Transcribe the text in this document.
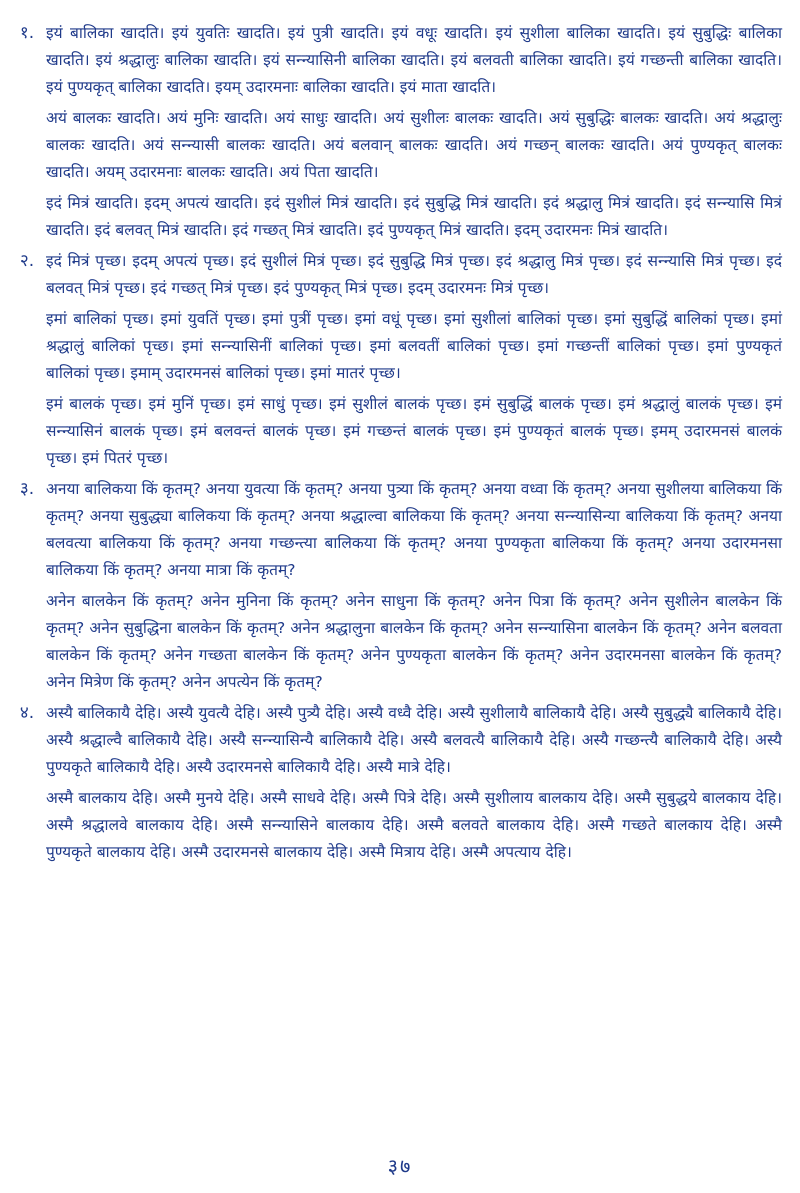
१. इयं बालिका खादति। इयं युवतिः खादति। इयं पुत्री खादति। इयं वधूः खादति। इयं सुशीला बालिका खादति। इयं सुबुद्धिः बालिका खादति। इयं श्रद्धालुः बालिका खादति। इयं सन्न्यासिनी बालिका खादति। इयं बलवती बालिका खादति। इयं गच्छन्ती बालिका खादति। इयं पुण्यकृत् बालिका खादति। इयम् उदारमनाः बालिका खादति। इयं माता खादति।

अयं बालकः खादति। अयं मुनिः खादति। अयं साधुः खादति। अयं सुशीलः बालकः खादति। अयं सुबुद्धिः बालकः खादति। अयं श्रद्धालुः बालकः खादति। अयं सन्न्यासी बालकः खादति। अयं बलवान् बालकः खादति। अयं गच्छन् बालकः खादति। अयं पुण्यकृत् बालकः खादति। अयम् उदारमनाः बालकः खादति। अयं पिता खादति।

इदं मित्रं खादति। इदम् अपत्यं खादति। इदं सुशीलं मित्रं खादति। इदं सुबुद्धि मित्रं खादति। इदं श्रद्धालु मित्रं खादति। इदं सन्न्यासि मित्रं खादति। इदं बलवत् मित्रं खादति। इदं गच्छत् मित्रं खादति। इदं पुण्यकृत् मित्रं खादति। इदम् उदारमनः मित्रं खादति।

२. इदं मित्रं पृच्छ। इदम् अपत्यं पृच्छ। इदं सुशीलं मित्रं पृच्छ। इदं सुबुद्धि मित्रं पृच्छ। इदं श्रद्धालु मित्रं पृच्छ। इदं सन्न्यासि मित्रं पृच्छ। इदं बलवत् मित्रं पृच्छ। इदं गच्छत् मित्रं पृच्छ। इदं पुण्यकृत् मित्रं पृच्छ। इदम् उदारमनः मित्रं पृच्छ।

इमां बालिकां पृच्छ। इमां युवतिं पृच्छ। इमां पुत्रीं पृच्छ। इमां वधूं पृच्छ। इमां सुशीलां बालिकां पृच्छ। इमां सुबुद्धिं बालिकां पृच्छ। इमां श्रद्धालुं बालिकां पृच्छ। इमां सन्न्यासिनीं बालिकां पृच्छ। इमां बलवतीं बालिकां पृच्छ। इमां गच्छन्तीं बालिकां पृच्छ। इमां पुण्यकृतं बालिकां पृच्छ। इमाम् उदारमनसं बालिकां पृच्छ। इमां मातरं पृच्छ।

इमं बालकं पृच्छ। इमं मुनिं पृच्छ। इमं साधुं पृच्छ। इमं सुशीलं बालकं पृच्छ। इमं सुबुद्धिं बालकं पृच्छ। इमं श्रद्धालुं बालकं पृच्छ। इमं सन्न्यासिनं बालकं पृच्छ। इमं बलवन्तं बालकं पृच्छ। इमं गच्छन्तं बालकं पृच्छ। इमं पुण्यकृतं बालकं पृच्छ। इमम् उदारमनसं बालकं पृच्छ। इमं पितरं पृच्छ।

३. अनया बालिकया किं कृतम्? अनया युवत्या किं कृतम्? अनया पुत्र्या किं कृतम्? अनया वध्वा किं कृतम्? अनया सुशीलया बालिकया किं कृतम्? अनया सुबुद्ध्या बालिकया किं कृतम्? अनया श्रद्धाल्वा बालिकया किं कृतम्? अनया सन्न्यासिन्या बालिकया किं कृतम्? अनया बलवत्या बालिकया किं कृतम्? अनया गच्छन्त्या बालिकया किं कृतम्? अनया पुण्यकृता बालिकया किं कृतम्? अनया उदारमनसा बालिकया किं कृतम्? अनया मात्रा किं कृतम्?

अनेन बालकेन किं कृतम्? अनेन मुनिना किं कृतम्? अनेन साधुना किं कृतम्? अनेन पित्रा किं कृतम्? अनेन सुशीलेन बालकेन किं कृतम्? अनेन सुबुद्धिना बालकेन किं कृतम्? अनेन श्रद्धालुना बालकेन किं कृतम्? अनेन सन्न्यासिना बालकेन किं कृतम्? अनेन बलवता बालकेन किं कृतम्? अनेन गच्छता बालकेन किं कृतम्? अनेन पुण्यकृता बालकेन किं कृतम्? अनेन उदारमनसा बालकेन किं कृतम्? अनेन मित्रेण किं कृतम्? अनेन अपत्येन किं कृतम्?

४. अस्यै बालिकायै देहि। अस्यै युवत्यै देहि। अस्यै पुत्र्यै देहि। अस्यै वध्वै देहि। अस्यै सुशीलायै बालिकायै देहि। अस्यै सुबुद्ध्यै बालिकायै देहि। अस्यै श्रद्धाल्वै बालिकायै देहि। अस्यै सन्न्यासिन्यै बालिकायै देहि। अस्यै बलवत्यै बालिकायै देहि। अस्यै गच्छन्त्यै बालिकायै देहि। अस्यै पुण्यकृते बालिकायै देहि। अस्यै उदारमनसे बालिकायै देहि। अस्यै मात्रे देहि।

अस्मै बालकाय देहि। अस्मै मुनये देहि। अस्मै साधवे देहि। अस्मै पित्रे देहि। अस्मै सुशीलाय बालकाय देहि। अस्मै सुबुद्धये बालकाय देहि। अस्मै श्रद्धालवे बालकाय देहि। अस्मै सन्न्यासिने बालकाय देहि। अस्मै बलवते बालकाय देहि। अस्मै गच्छते बालकाय देहि। अस्मै पुण्यकृते बालकाय देहि। अस्मै उदारमनसे बालकाय देहि। अस्मै मित्राय देहि। अस्मै अपत्याय देहि।

३७
